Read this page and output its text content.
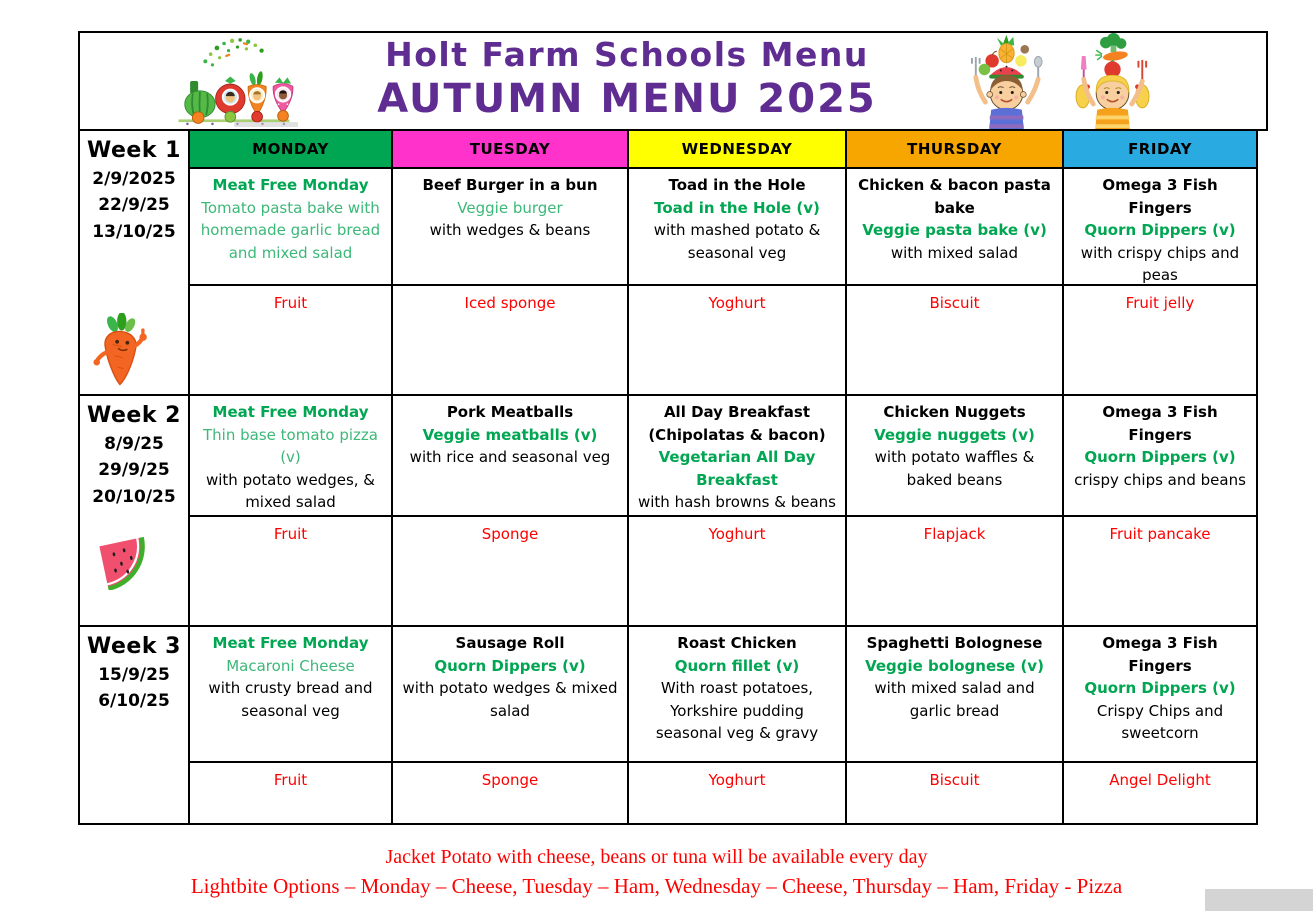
Holt Farm Schools Menu
AUTUMN MENU 2025
Week 1
2/9/2025
22/9/25
13/10/25
MONDAY
Meat Free Monday
Tomato pasta bake with homemade garlic bread and mixed salad
Fruit
TUESDAY
Beef Burger in a bun
Veggie burger
with wedges & beans
Iced sponge
WEDNESDAY
Toad in the Hole
Toad in the Hole (v)
with mashed potato & seasonal veg
Yoghurt
THURSDAY
Chicken & bacon pasta bake
Veggie pasta bake (v)
with mixed salad
Biscuit
FRIDAY
Omega 3 Fish Fingers
Quorn Dippers (v)
with crispy chips and peas
Fruit jelly
Week 2
8/9/25
29/9/25
20/10/25
Meat Free Monday
Thin base tomato pizza (v)
with potato wedges, & mixed salad
Fruit
Pork Meatballs
Veggie meatballs (v)
with rice and seasonal veg
Sponge
All Day Breakfast
(Chipolatas & bacon)
Vegetarian All Day Breakfast
with hash browns & beans
Yoghurt
Chicken Nuggets
Veggie nuggets (v)
with potato waffles & baked beans
Flapjack
Omega 3 Fish Fingers
Quorn Dippers (v)
crispy chips and beans
Fruit pancake
Week 3
15/9/25
6/10/25
Meat Free Monday
Macaroni Cheese
with crusty bread and seasonal veg
Fruit
Sausage Roll
Quorn Dippers (v)
with potato wedges & mixed salad
Sponge
Roast Chicken
Quorn fillet (v)
With roast potatoes, Yorkshire pudding seasonal veg & gravy
Yoghurt
Spaghetti Bolognese
Veggie bolognese (v)
with mixed salad and garlic bread
Biscuit
Omega 3 Fish Fingers
Quorn Dippers (v)
Crispy Chips and sweetcorn
Angel Delight
Jacket Potato with cheese, beans or tuna will be available every day
Lightbite Options – Monday – Cheese, Tuesday – Ham, Wednesday – Cheese, Thursday – Ham, Friday - Pizza
